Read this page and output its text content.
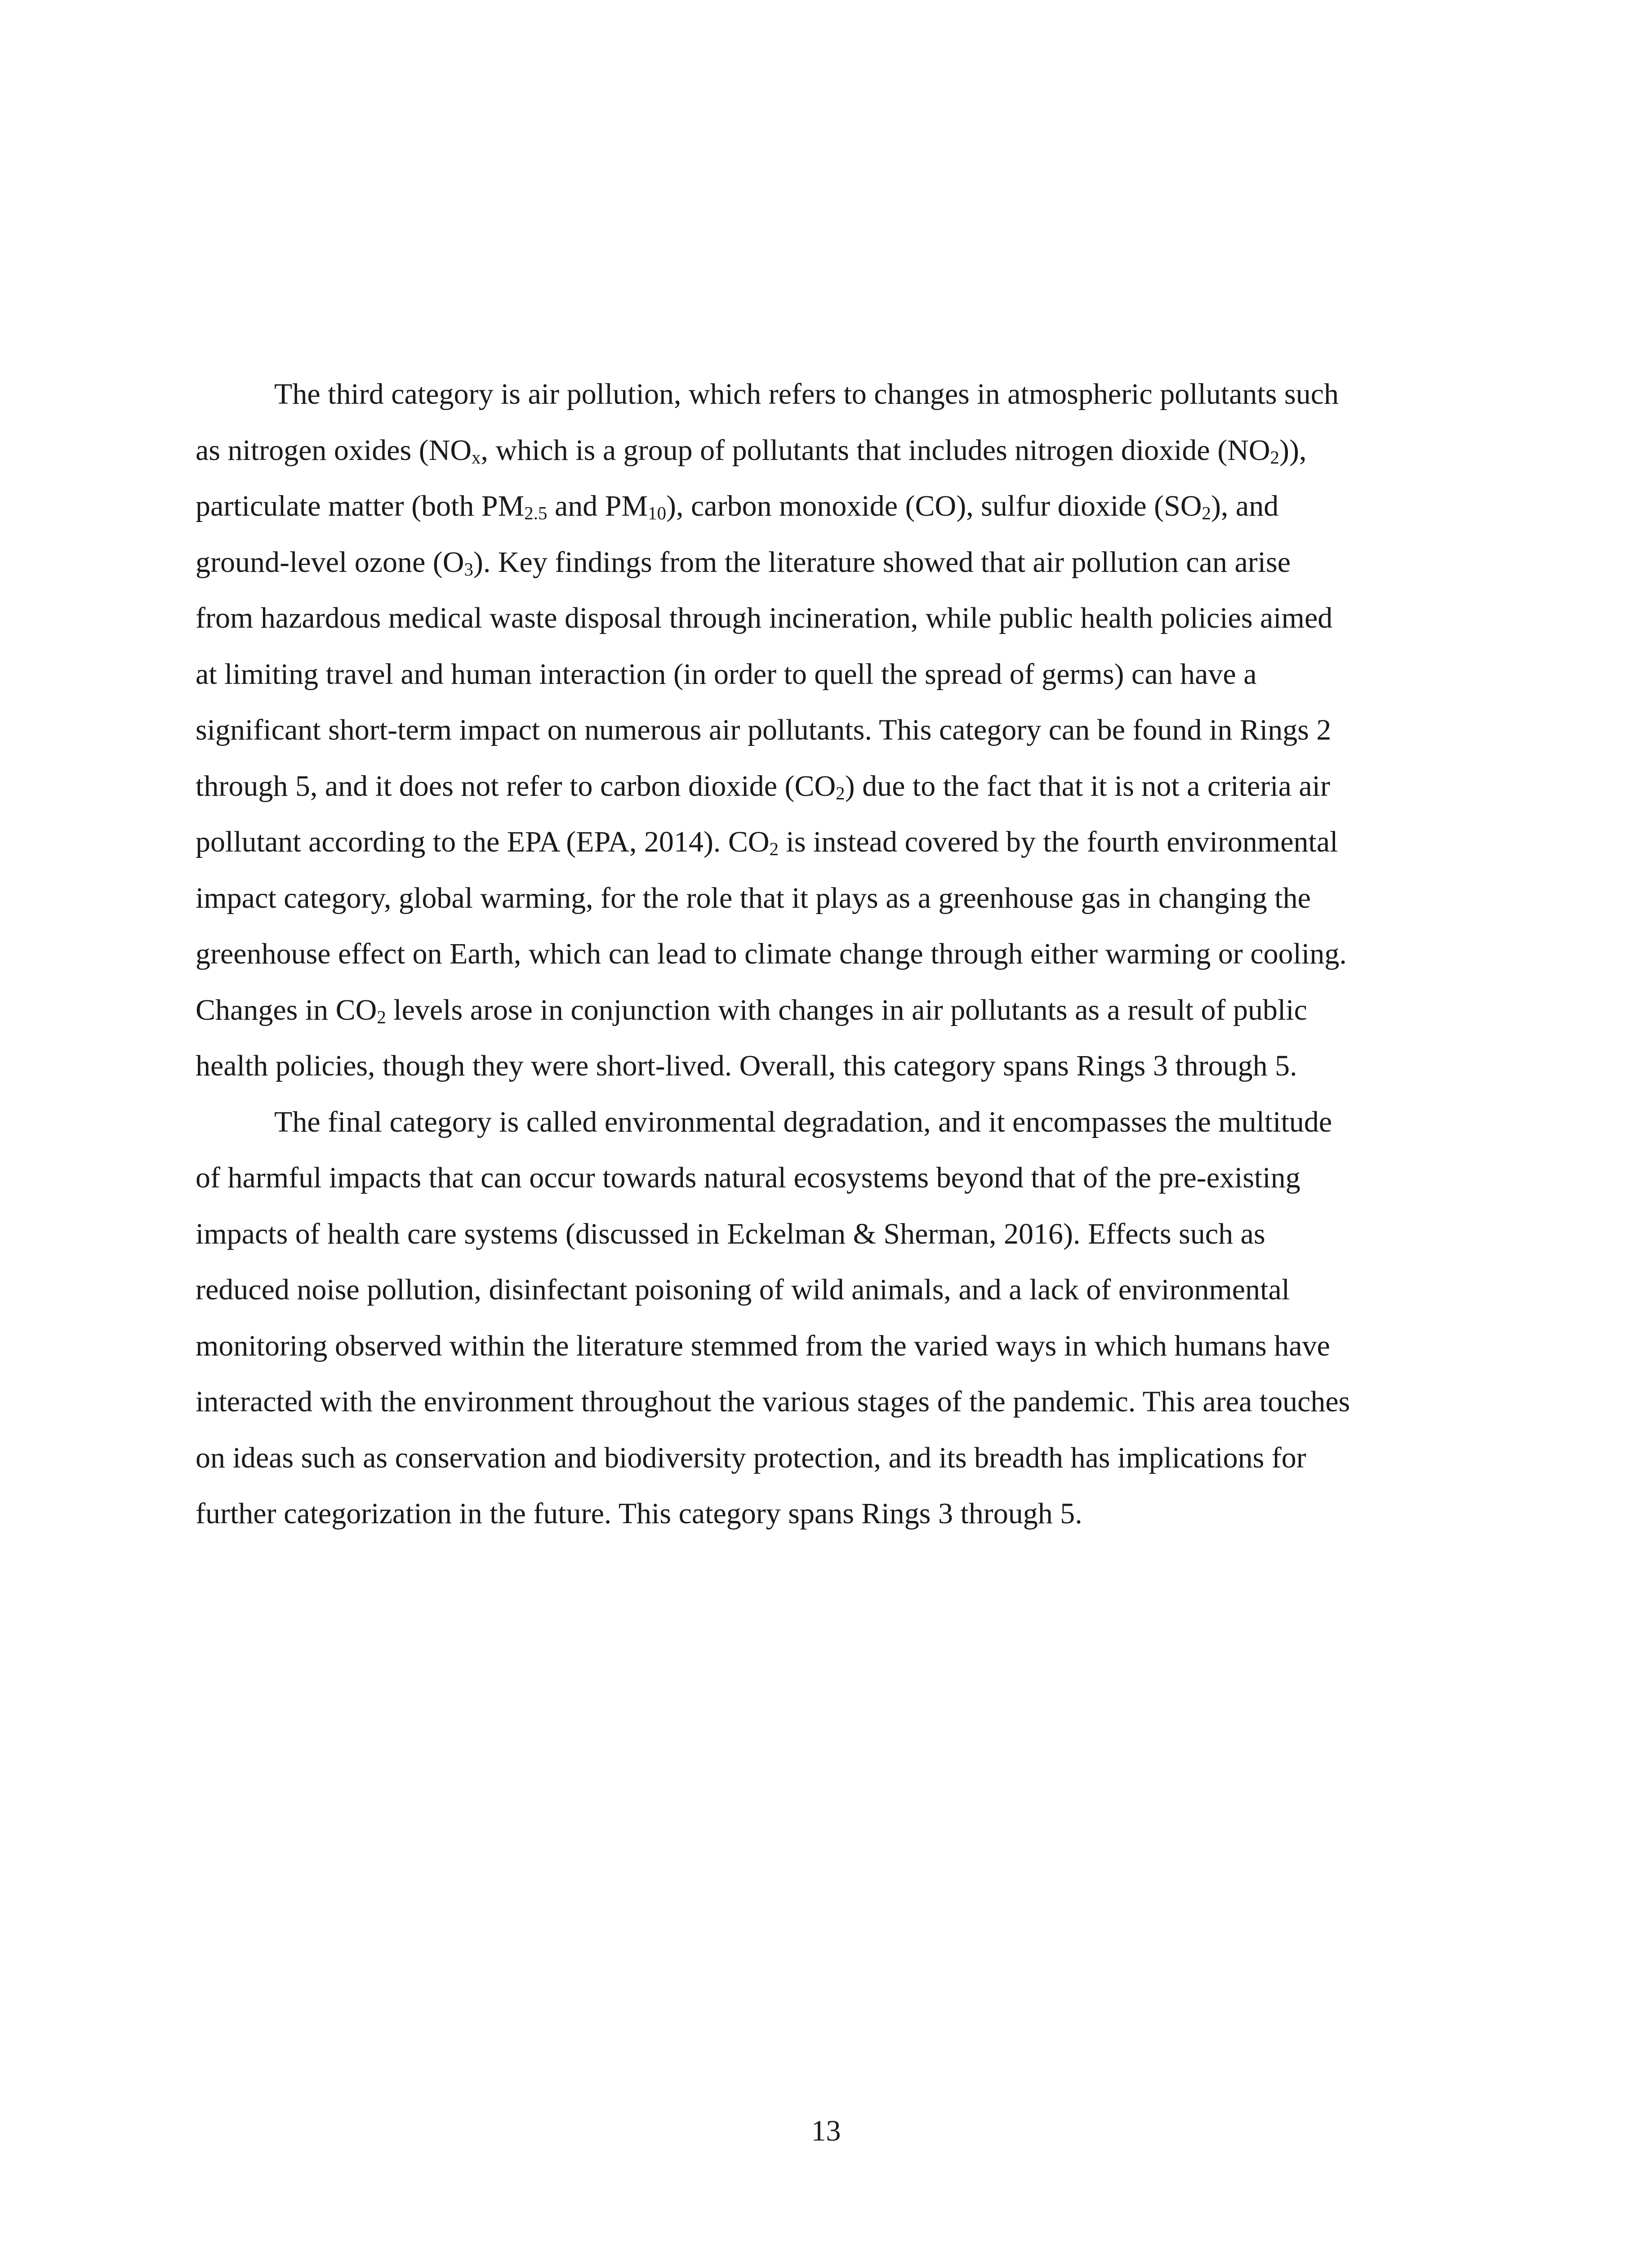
The third category is air pollution, which refers to changes in atmospheric pollutants such
as nitrogen oxides ($NO_x$, which is a group of pollutants that includes nitrogen dioxide $(NO_2)$),
particulate matter (both $PM_{2.5}$ and $PM_{10}$), carbon monoxide (CO), sulfur dioxide $(SO_2)$, and
ground-level ozone $(O_3)$. Key findings from the literature showed that air pollution can arise
from hazardous medical waste disposal through incineration, while public health policies aimed
at limiting travel and human interaction (in order to quell the spread of germs) can have a
significant short-term impact on numerous air pollutants. This category can be found in Rings 2
through 5, and it does not refer to carbon dioxide $(CO_2)$ due to the fact that it is not a criteria air
pollutant according to the EPA (EPA, 2014). $CO_2$ is instead covered by the fourth environmental
impact category, global warming, for the role that it plays as a greenhouse gas in changing the
greenhouse effect on Earth, which can lead to climate change through either warming or cooling.
Changes in $CO_2$ levels arose in conjunction with changes in air pollutants as a result of public
health policies, though they were short-lived. Overall, this category spans Rings 3 through 5.
The final category is called environmental degradation, and it encompasses the multitude
of harmful impacts that can occur towards natural ecosystems beyond that of the pre-existing
impacts of health care systems (discussed in Eckelman & Sherman, 2016). Effects such as
reduced noise pollution, disinfectant poisoning of wild animals, and a lack of environmental
monitoring observed within the literature stemmed from the varied ways in which humans have
interacted with the environment throughout the various stages of the pandemic. This area touches
on ideas such as conservation and biodiversity protection, and its breadth has implications for
further categorization in the future. This category spans Rings 3 through 5.
13
